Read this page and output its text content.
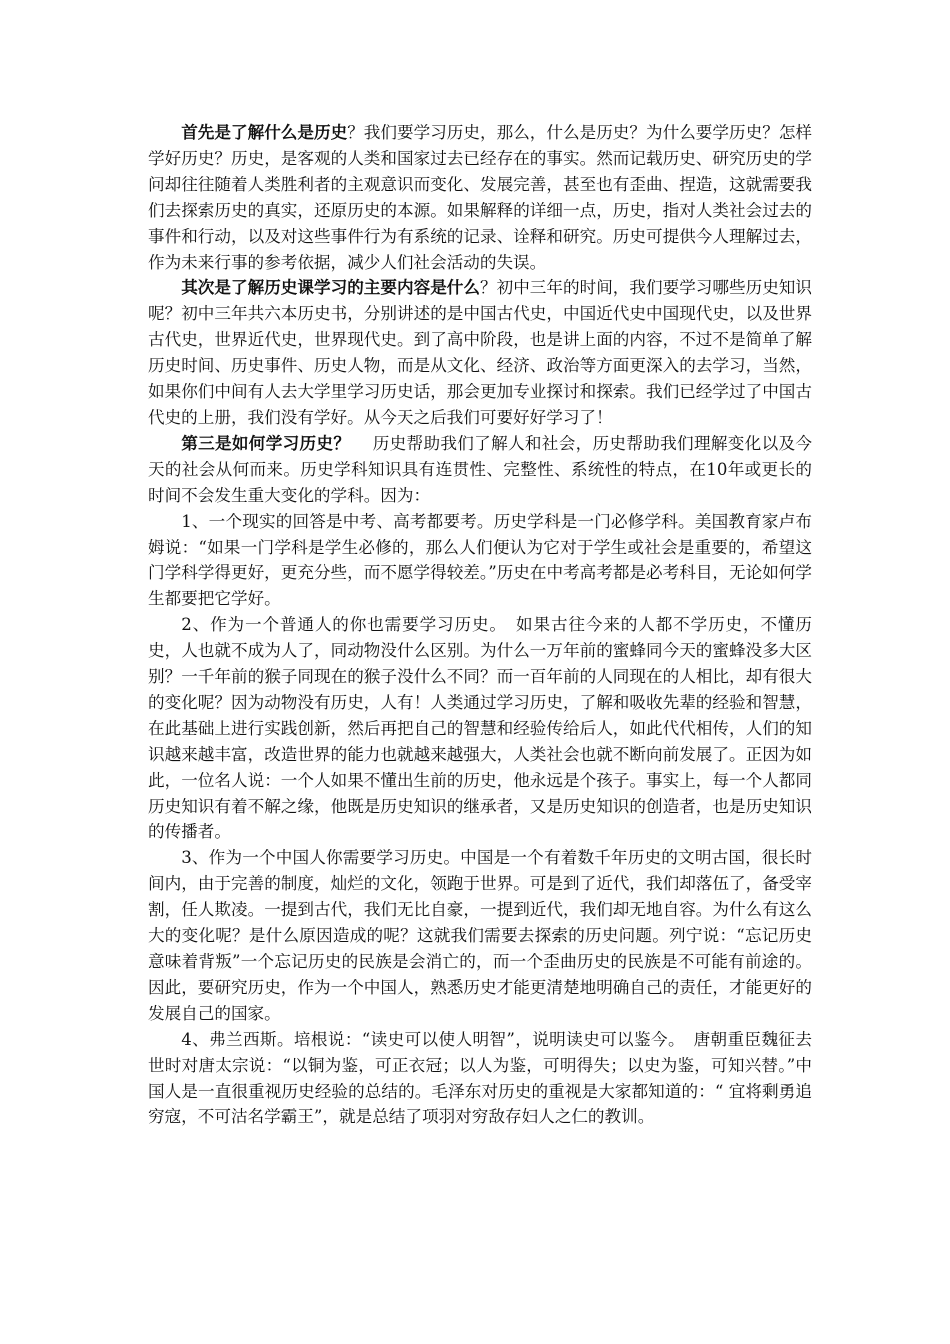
首先是了解什么是历史？我们要学习历史，那么，什么是历史？为什么要学历史？怎样学好历史？历史，是客观的人类和国家过去已经存在的事实。然而记载历史、研究历史的学问却往往随着人类胜利者的主观意识而变化、发展完善，甚至也有歪曲、捏造，这就需要我们去探索历史的真实，还原历史的本源。如果解释的详细一点，历史，指对人类社会过去的事件和行动，以及对这些事件行为有系统的记录、诠释和研究。历史可提供今人理解过去，作为未来行事的参考依据，减少人们社会活动的失误。

其次是了解历史课学习的主要内容是什么？初中三年的时间，我们要学习哪些历史知识呢？初中三年共六本历史书，分别讲述的是中国古代史，中国近代史中国现代史，以及世界古代史，世界近代史，世界现代史。到了高中阶段，也是讲上面的内容，不过不是简单了解历史时间、历史事件、历史人物，而是从文化、经济、政治等方面更深入的去学习，当然，如果你们中间有人去大学里学习历史话，那会更加专业探讨和探索。我们已经学过了中国古代史的上册，我们没有学好。从今天之后我们可要好好学习了！

第三是如何学习历史？　 历史帮助我们了解人和社会，历史帮助我们理解变化以及今天的社会从何而来。历史学科知识具有连贯性、完整性、系统性的特点，在10年或更长的时间不会发生重大变化的学科。因为：

1、一个现实的回答是中考、高考都要考。历史学科是一门必修学科。美国教育家卢布姆说：“如果一门学科是学生必修的，那么人们便认为它对于学生或社会是重要的，希望这门学科学得更好，更充分些，而不愿学得较差。”历史在中考高考都是必考科目，无论如何学生都要把它学好。

2、作为一个普通人的你也需要学习历史。　如果古往今来的人都不学历史，不懂历史，人也就不成为人了，同动物没什么区别。为什么一万年前的蜜蜂同今天的蜜蜂没多大区别？一千年前的猴子同现在的猴子没什么不同？而一百年前的人同现在的人相比，却有很大的变化呢？因为动物没有历史，人有！人类通过学习历史，了解和吸收先辈的经验和智慧，在此基础上进行实践创新，然后再把自己的智慧和经验传给后人，如此代代相传，人们的知识越来越丰富，改造世界的能力也就越来越强大，人类社会也就不断向前发展了。正因为如此，一位名人说：一个人如果不懂出生前的历史，他永远是个孩子。事实上，每一个人都同历史知识有着不解之缘，他既是历史知识的继承者，又是历史知识的创造者，也是历史知识的传播者。

3、作为一个中国人你需要学习历史。中国是一个有着数千年历史的文明古国，很长时间内，由于完善的制度，灿烂的文化，领跑于世界。可是到了近代，我们却落伍了，备受宰割，任人欺凌。一提到古代，我们无比自豪，一提到近代，我们却无地自容。为什么有这么大的变化呢？是什么原因造成的呢？这就我们需要去探索的历史问题。列宁说：“忘记历史意味着背叛”一个忘记历史的民族是会消亡的，而一个歪曲历史的民族是不可能有前途的。因此，要研究历史，作为一个中国人，熟悉历史才能更清楚地明确自己的责任，才能更好的发展自己的国家。

4、弗兰西斯。培根说：“读史可以使人明智”，说明读史可以鉴今。　唐朝重臣魏征去世时对唐太宗说：“以铜为鉴，可正衣冠；以人为鉴，可明得失；以史为鉴，可知兴替。”中国人是一直很重视历史经验的总结的。毛泽东对历史的重视是大家都知道的：“ 宜将剩勇追穷寇，不可沽名学霸王”，就是总结了项羽对穷敌存妇人之仁的教训。
